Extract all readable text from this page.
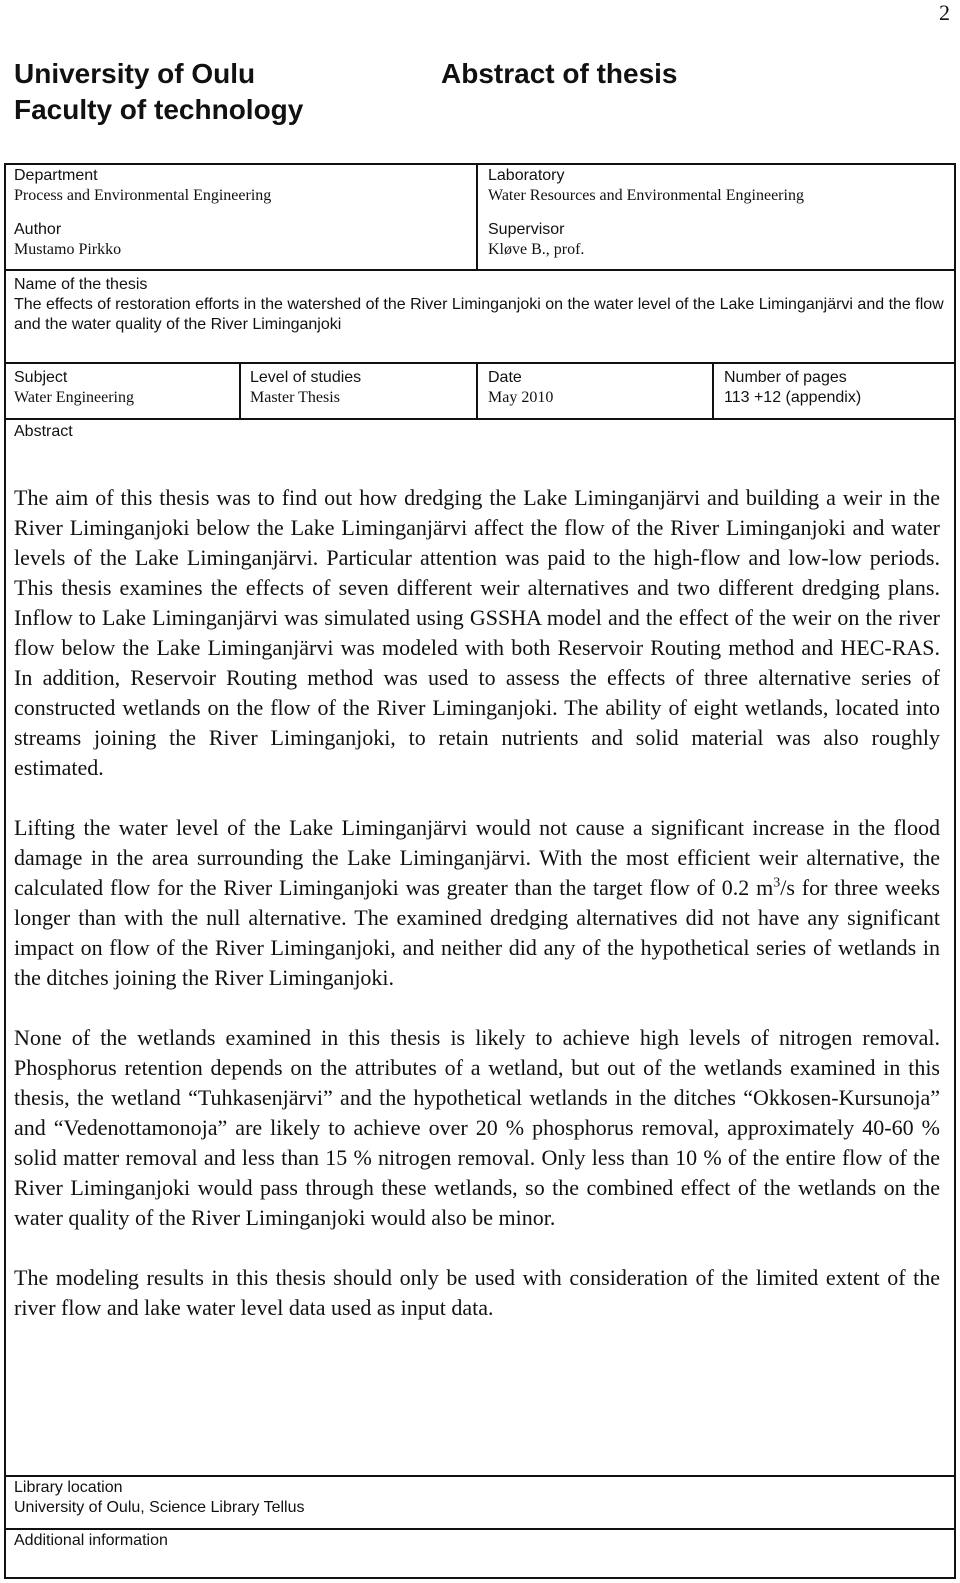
2
University of Oulu
Faculty of technology
Abstract of thesis
Department
Process and Environmental Engineering
Laboratory
Water Resources and Environmental Engineering
Author
Mustamo Pirkko
Supervisor
Kløve B., prof.
Name of the thesis
The effects of restoration efforts in the watershed of the River Liminganjoki on the water level of the Lake Liminganjärvi and the flow and the water quality of the River Liminganjoki
Subject
Water Engineering
Level of studies
Master Thesis
Date
May 2010
Number of pages
113 +12 (appendix)
Abstract

The aim of this thesis was to find out how dredging the Lake Liminganjärvi and building a weir in the River Liminganjoki below the Lake Liminganjärvi affect the flow of the River Liminganjoki and water levels of the Lake Liminganjärvi. Particular attention was paid to the high-flow and low-low periods. This thesis examines the effects of seven different weir alternatives and two different dredging plans. Inflow to Lake Liminganjärvi was simulated using GSSHA model and the effect of the weir on the river flow below the Lake Liminganjärvi was modeled with both Reservoir Routing method and HEC-RAS. In addition, Reservoir Routing method was used to assess the effects of three alternative series of constructed wetlands on the flow of the River Liminganjoki. The ability of eight wetlands, located into streams joining the River Liminganjoki, to retain nutrients and solid material was also roughly estimated.

Lifting the water level of the Lake Liminganjärvi would not cause a significant increase in the flood damage in the area surrounding the Lake Liminganjärvi. With the most efficient weir alternative, the calculated flow for the River Liminganjoki was greater than the target flow of 0.2 $m^3/s$ for three weeks longer than with the null alternative. The examined dredging alternatives did not have any significant impact on flow of the River Liminganjoki, and neither did any of the hypothetical series of wetlands in the ditches joining the River Liminganjoki.

None of the wetlands examined in this thesis is likely to achieve high levels of nitrogen removal. Phosphorus retention depends on the attributes of a wetland, but out of the wetlands examined in this thesis, the wetland “Tuhkasenjärvi” and the hypothetical wetlands in the ditches “Okkosen-Kursunoja” and “Vedenottamonoja” are likely to achieve over 20 % phosphorus removal, approximately 40-60 % solid matter removal and less than 15 % nitrogen removal. Only less than 10 % of the entire flow of the River Liminganjoki would pass through these wetlands, so the combined effect of the wetlands on the water quality of the River Liminganjoki would also be minor.

The modeling results in this thesis should only be used with consideration of the limited extent of the river flow and lake water level data used as input data.

Library location
University of Oulu, Science Library Tellus
Additional information
